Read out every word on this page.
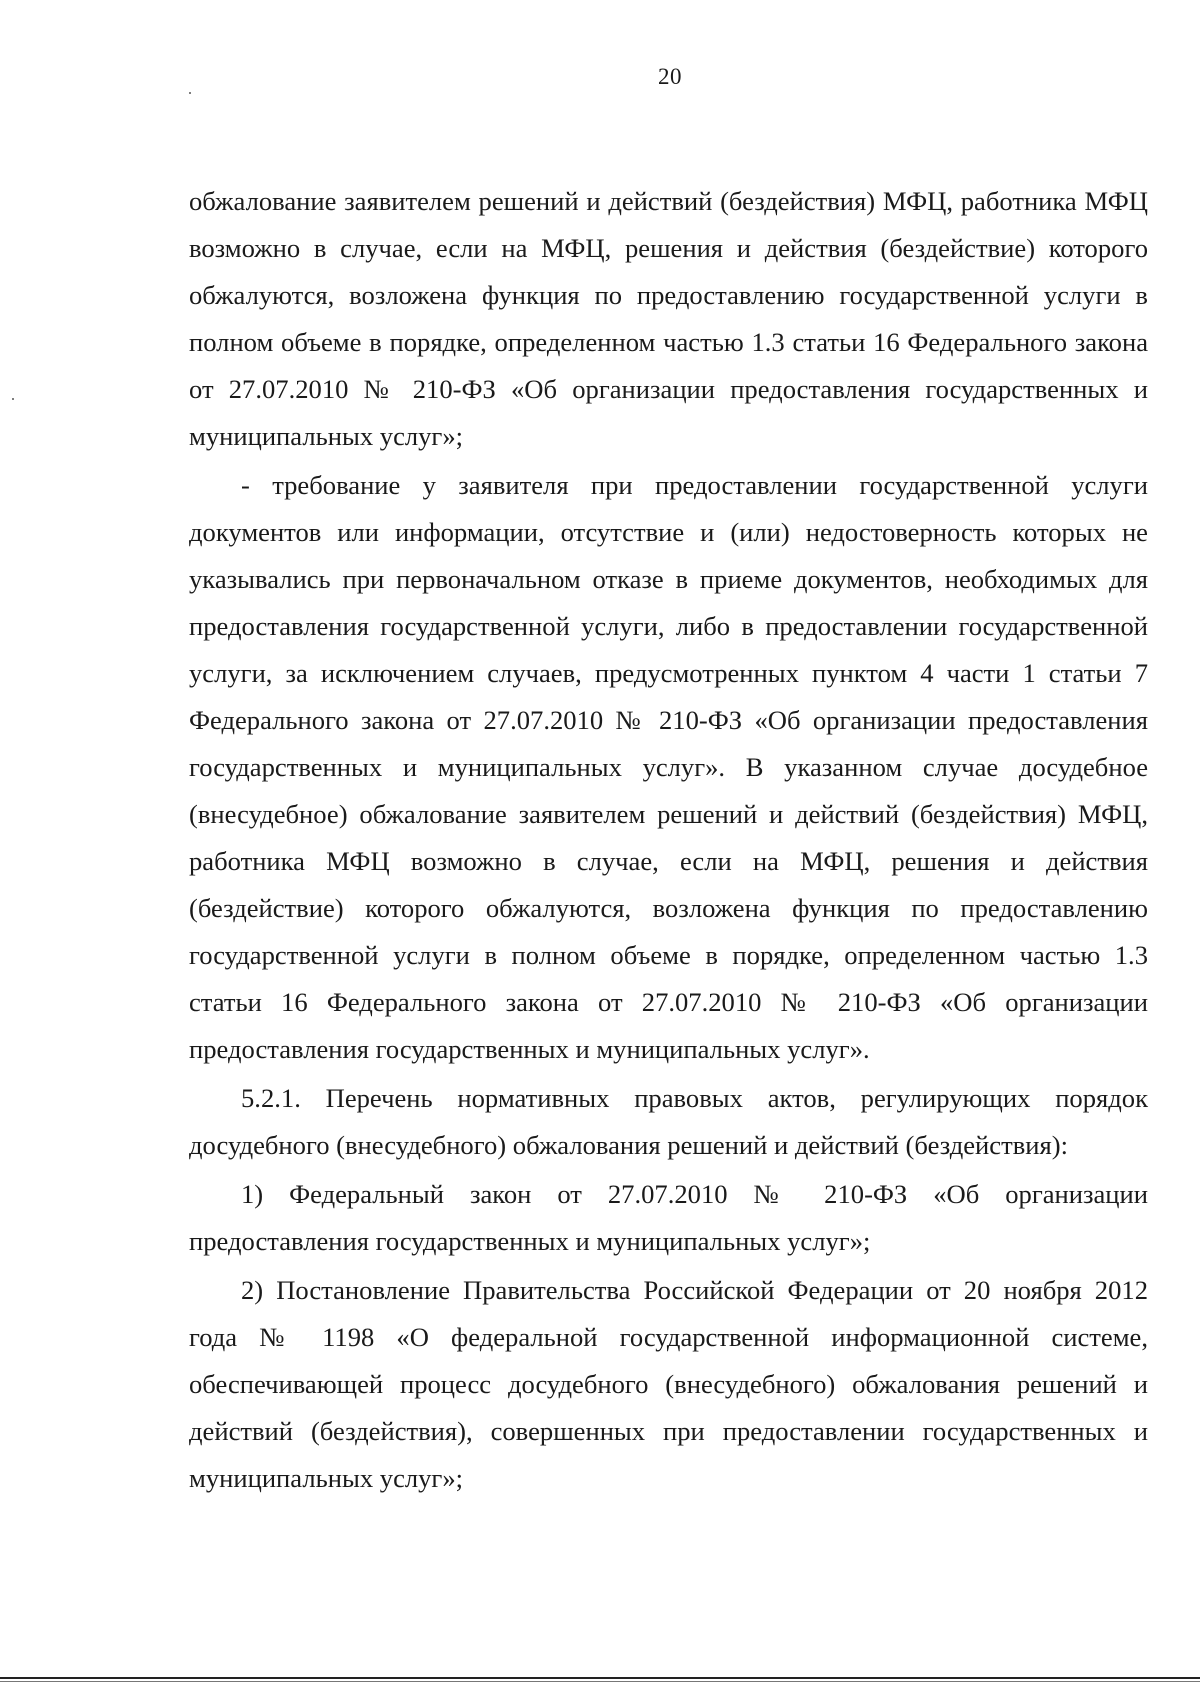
20

обжалование заявителем решений и действий (бездействия) МФЦ, работника МФЦ возможно в случае, если на МФЦ, решения и действия (бездействие) которого обжалуются, возложена функция по предоставлению государственной услуги в полном объеме в порядке, определенном частью 1.3 статьи 16 Федерального закона от 27.07.2010 № 210-ФЗ «Об организации предоставления государственных и муниципальных услуг»;

- требование у заявителя при предоставлении государственной услуги документов или информации, отсутствие и (или) недостоверность которых не указывались при первоначальном отказе в приеме документов, необходимых для предоставления государственной услуги, либо в предоставлении государственной услуги, за исключением случаев, предусмотренных пунктом 4 части 1 статьи 7 Федерального закона от 27.07.2010 № 210-ФЗ «Об организации предоставления государственных и муниципальных услуг». В указанном случае досудебное (внесудебное) обжалование заявителем решений и действий (бездействия) МФЦ, работника МФЦ возможно в случае, если на МФЦ, решения и действия (бездействие) которого обжалуются, возложена функция по предоставлению государственной услуги в полном объеме в порядке, определенном частью 1.3 статьи 16 Федерального закона от 27.07.2010 № 210-ФЗ «Об организации предоставления государственных и муниципальных услуг».

5.2.1. Перечень нормативных правовых актов, регулирующих порядок досудебного (внесудебного) обжалования решений и действий (бездействия):

1) Федеральный закон от 27.07.2010 № 210-ФЗ «Об организации предоставления государственных и муниципальных услуг»;

2) Постановление Правительства Российской Федерации от 20 ноября 2012 года № 1198 «О федеральной государственной информационной системе, обеспечивающей процесс досудебного (внесудебного) обжалования решений и действий (бездействия), совершенных при предоставлении государственных и муниципальных услуг»;
